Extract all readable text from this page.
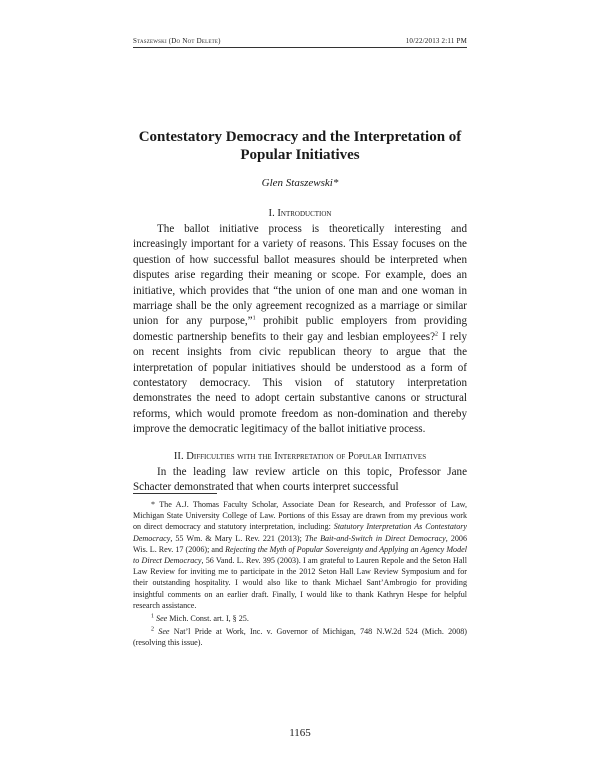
Staszewski (Do Not Delete)	10/22/2013 2:11 PM
Contestatory Democracy and the Interpretation of Popular Initiatives
Glen Staszewski*
I. Introduction
The ballot initiative process is theoretically interesting and increasingly important for a variety of reasons. This Essay focuses on the question of how successful ballot measures should be interpreted when disputes arise regarding their meaning or scope. For example, does an initiative, which provides that “the union of one man and one woman in marriage shall be the only agreement recognized as a marriage or similar union for any purpose,”$^1$ prohibit public employers from providing domestic partnership benefits to their gay and lesbian employees?$^2$ I rely on recent insights from civic republican theory to argue that the interpretation of popular initiatives should be understood as a form of contestatory democracy. This vision of statutory interpretation demonstrates the need to adopt certain substantive canons or structural reforms, which would promote freedom as non-domination and thereby improve the democratic legitimacy of the ballot initiative process.
II. Difficulties with the Interpretation of Popular Initiatives
In the leading law review article on this topic, Professor Jane Schacter demonstrated that when courts interpret successful

* The A.J. Thomas Faculty Scholar, Associate Dean for Research, and Professor of Law, Michigan State University College of Law. Portions of this Essay are drawn from my previous work on direct democracy and statutory interpretation, including: Statutory Interpretation As Contestatory Democracy, 55 Wm. & Mary L. Rev. 221 (2013); The Bait-and-Switch in Direct Democracy, 2006 Wis. L. Rev. 17 (2006); and Rejecting the Myth of Popular Sovereignty and Applying an Agency Model to Direct Democracy, 56 Vand. L. Rev. 395 (2003). I am grateful to Lauren Repole and the Seton Hall Law Review for inviting me to participate in the 2012 Seton Hall Law Review Symposium and for their outstanding hospitality. I would also like to thank Michael Sant’Ambrogio for providing insightful comments on an earlier draft. Finally, I would like to thank Kathryn Hespe for helpful research assistance.

$^1$ See Mich. Const. art. I, § 25.

$^2$ See Nat’l Pride at Work, Inc. v. Governor of Michigan, 748 N.W.2d 524 (Mich. 2008) (resolving this issue).

1165
